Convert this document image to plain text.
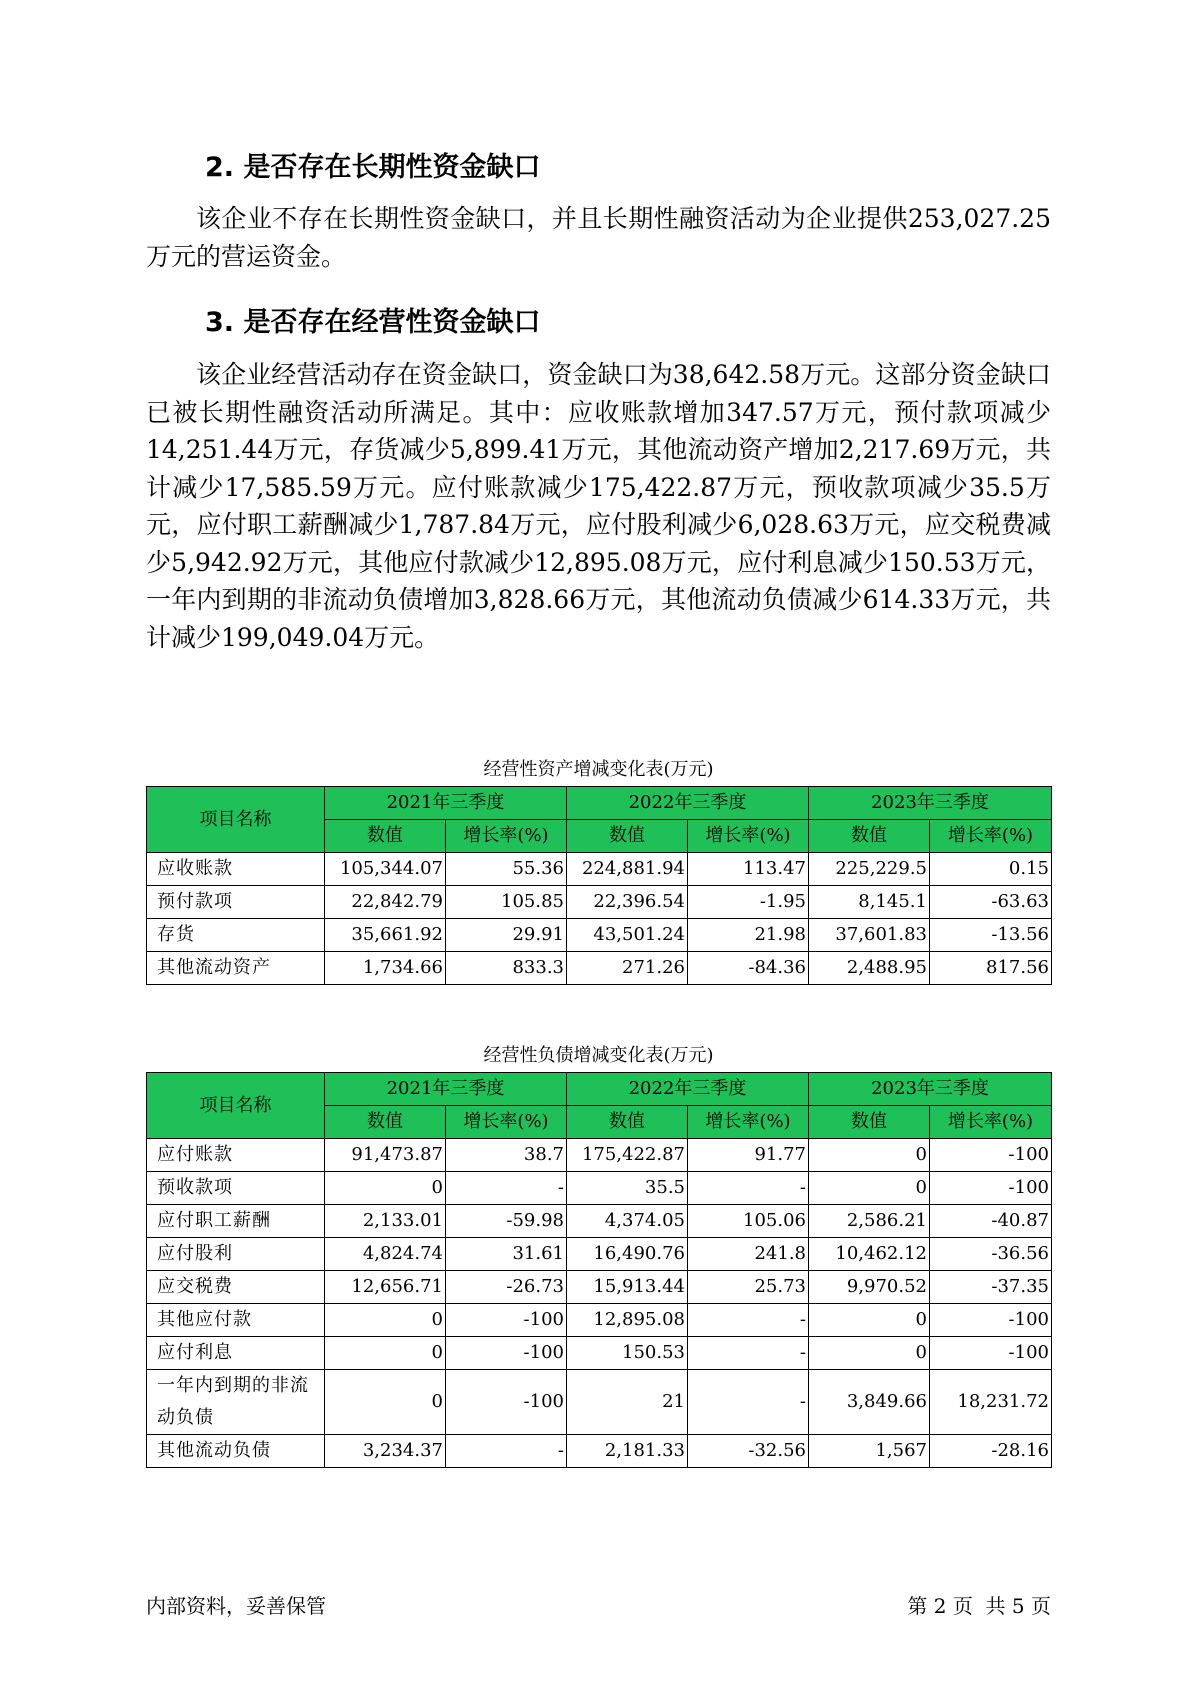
2. 是否存在长期性资金缺口
该企业不存在长期性资金缺口，并且长期性融资活动为企业提供253,027.25万元的营运资金。
3. 是否存在经营性资金缺口
该企业经营活动存在资金缺口，资金缺口为38,642.58万元。这部分资金缺口已被长期性融资活动所满足。其中：应收账款增加347.57万元，预付款项减少14,251.44万元，存货减少5,899.41万元，其他流动资产增加2,217.69万元，共计减少17,585.59万元。应付账款减少175,422.87万元，预收款项减少35.5万元，应付职工薪酬减少1,787.84万元，应付股利减少6,028.63万元，应交税费减少5,942.92万元，其他应付款减少12,895.08万元，应付利息减少150.53万元，一年内到期的非流动负债增加3,828.66万元，其他流动负债减少614.33万元，共计减少199,049.04万元。
经营性资产增减变化表(万元)
项目名称	2021年三季度		2022年三季度		2023年三季度	
	数值	增长率(%)	数值	增长率(%)	数值	增长率(%)
应收账款	105,344.07	55.36	224,881.94	113.47	225,229.5	0.15
预付款项	22,842.79	105.85	22,396.54	-1.95	8,145.1	-63.63
存货	35,661.92	29.91	43,501.24	21.98	37,601.83	-13.56
其他流动资产	1,734.66	833.3	271.26	-84.36	2,488.95	817.56
经营性负债增减变化表(万元)
项目名称	2021年三季度		2022年三季度		2023年三季度	
	数值	增长率(%)	数值	增长率(%)	数值	增长率(%)
应付账款	91,473.87	38.7	175,422.87	91.77	0	-100
预收款项	0	-	35.5	-	0	-100
应付职工薪酬	2,133.01	-59.98	4,374.05	105.06	2,586.21	-40.87
应付股利	4,824.74	31.61	16,490.76	241.8	10,462.12	-36.56
应交税费	12,656.71	-26.73	15,913.44	25.73	9,970.52	-37.35
其他应付款	0	-100	12,895.08	-	0	-100
应付利息	0	-100	150.53	-	0	-100
一年内到期的非流动负债	0	-100	21	-	3,849.66	18,231.72
其他流动负债	3,234.37	-	2,181.33	-32.56	1,567	-28.16
内部资料，妥善保管	第 2 页  共 5 页
